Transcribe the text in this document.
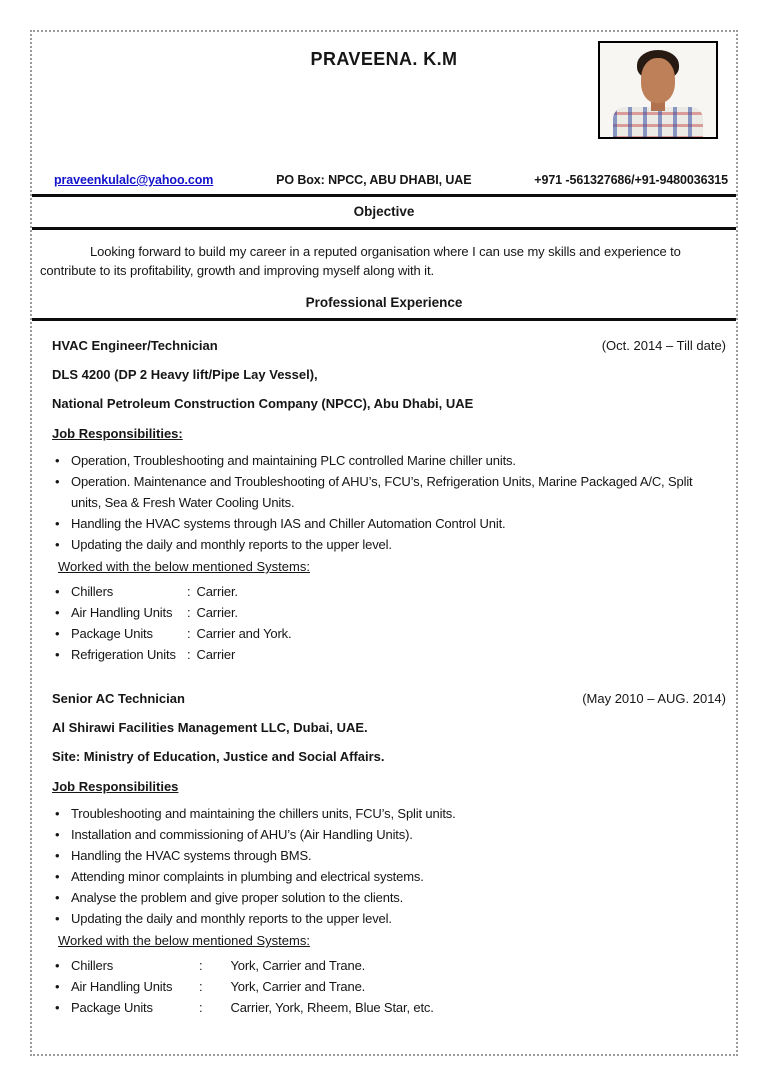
PRAVEENA. K.M
praveenkulalc@yahoo.com	PO Box: NPCC, ABU DHABI, UAE	+971 -561327686/+91-9480036315
Objective

Looking forward to build my career in a reputed organisation where I can use my skills and experience to contribute to its profitability, growth and improving myself along with it.

Professional Experience
HVAC Engineer/Technician	(Oct. 2014 – Till date)
DLS 4200 (DP 2 Heavy lift/Pipe Lay Vessel),
National Petroleum Construction Company (NPCC), Abu Dhabi, UAE
Job Responsibilities:
• Operation, Troubleshooting and maintaining PLC controlled Marine chiller units.
• Operation. Maintenance and Troubleshooting of AHU’s, FCU’s, Refrigeration Units, Marine Packaged A/C, Split units, Sea & Fresh Water Cooling Units.
• Handling the HVAC systems through IAS and Chiller Automation Control Unit.
• Updating the daily and monthly reports to the upper level.
Worked with the below mentioned Systems:
• Chillers	: Carrier.
• Air Handling Units : Carrier.
• Package Units	: Carrier and York.
• Refrigeration Units : Carrier
Senior AC Technician	(May 2010 – AUG. 2014)
Al Shirawi Facilities Management LLC, Dubai, UAE.
Site: Ministry of Education, Justice and Social Affairs.
Job Responsibilities
• Troubleshooting and maintaining the chillers units, FCU’s, Split units.
• Installation and commissioning of AHU’s (Air Handling Units).
• Handling the HVAC systems through BMS.
• Attending minor complaints in plumbing and electrical systems.
• Analyse the problem and give proper solution to the clients.
• Updating the daily and monthly reports to the upper level.
Worked with the below mentioned Systems:
• Chillers	: York, Carrier and Trane.
• Air Handling Units : York, Carrier and Trane.
• Package Units	: Carrier, York, Rheem, Blue Star, etc.
